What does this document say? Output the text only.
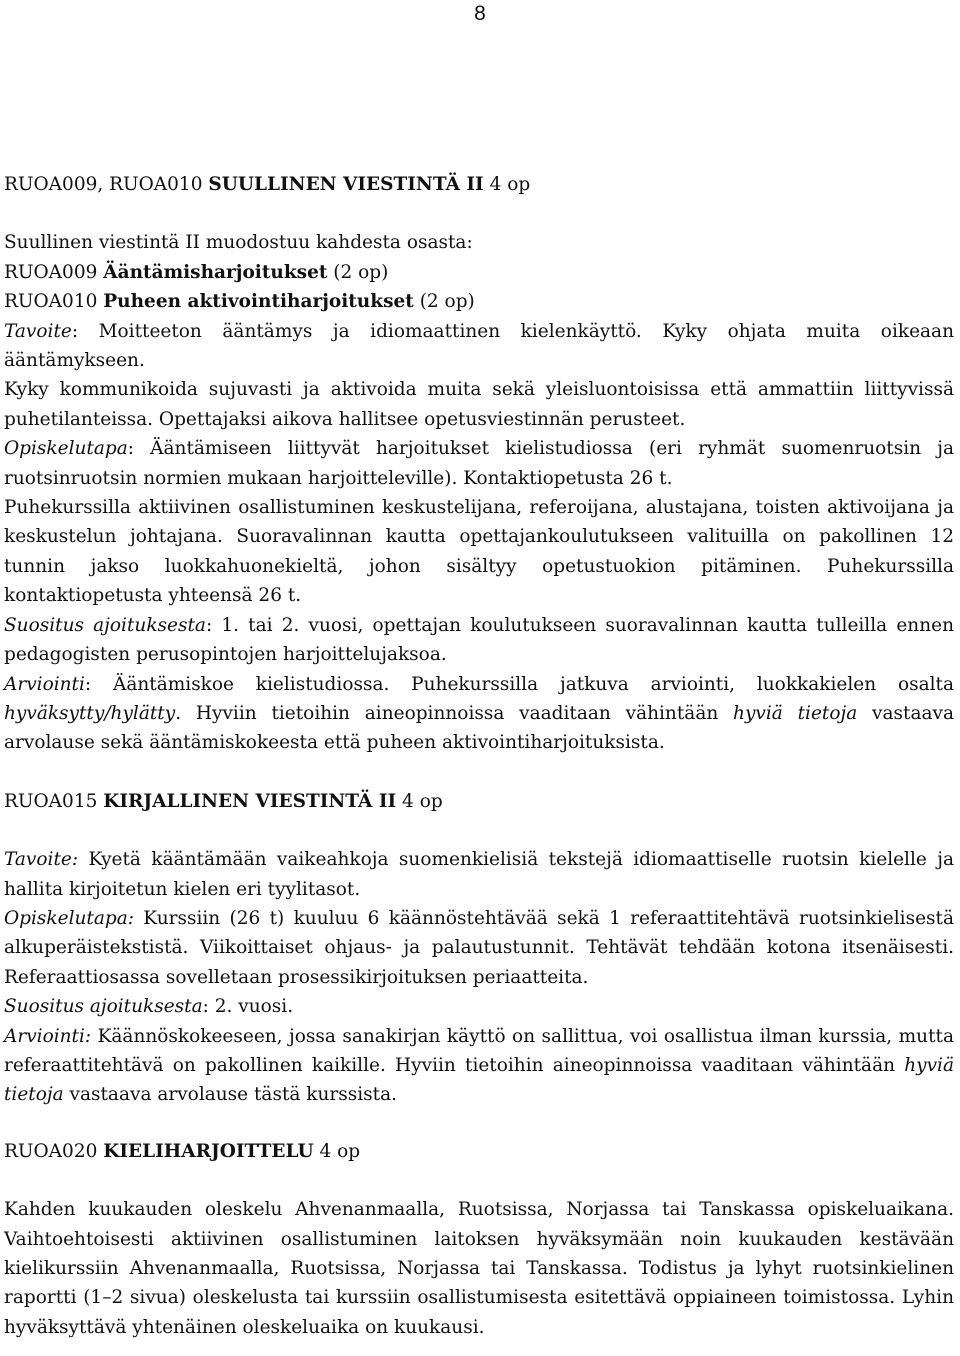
8

RUOA009, RUOA010 SUULLINEN VIESTINTÄ II 4 op

Suullinen viestintä II muodostuu kahdesta osasta:

RUOA009 Ääntämisharjoitukset (2 op)

RUOA010 Puheen aktivointiharjoitukset (2 op)

Tavoite: Moitteeton ääntämys ja idiomaattinen kielenkäyttö. Kyky ohjata muita oikeaan ääntämykseen.

Kyky kommunikoida sujuvasti ja aktivoida muita sekä yleisluontoisissa että ammattiin liittyvissä puhetilanteissa. Opettajaksi aikova hallitsee opetusviestinnän perusteet.

Opiskelutapa: Ääntämiseen liittyvät harjoitukset kielistudiossa (eri ryhmät suomenruotsin ja ruotsinruotsin normien mukaan harjoitteleville). Kontaktiopetusta 26 t.

Puhekurssilla aktiivinen osallistuminen keskustelijana, referoijana, alustajana, toisten aktivoijana ja keskustelun johtajana. Suoravalinnan kautta opettajankoulutukseen valituilla on pakollinen 12 tunnin jakso luokkahuonekieltä, johon sisältyy opetustuokion pitäminen. Puhekurssilla kontaktiopetusta yhteensä 26 t.

Suositus ajoituksesta: 1. tai 2. vuosi, opettajan koulutukseen suoravalinnan kautta tulleilla ennen pedagogisten perusopintojen harjoittelujaksoa.

Arviointi: Ääntämiskoe kielistudiossa. Puhekurssilla jatkuva arviointi, luokkakielen osalta hyväksytty/hylätty. Hyviin tietoihin aineopinnoissa vaaditaan vähintään hyviä tietoja vastaava arvolause sekä ääntämiskokeesta että puheen aktivointiharjoituksista.

RUOA015 KIRJALLINEN VIESTINTÄ II 4 op

Tavoite: Kyetä kääntämään vaikeahkoja suomenkielisiä tekstejä idiomaattiselle ruotsin kielelle ja hallita kirjoitetun kielen eri tyylitasot.

Opiskelutapa: Kurssiin (26 t) kuuluu 6 käännöstehtävää sekä 1 referaattitehtävä ruotsinkielisestä alkuperäistekstistä. Viikoittaiset ohjaus- ja palautustunnit. Tehtävät tehdään kotona itsenäisesti. Referaattiosassa sovelletaan prosessikirjoituksen periaatteita.

Suositus ajoituksesta: 2. vuosi.

Arviointi: Käännöskokeeseen, jossa sanakirjan käyttö on sallittua, voi osallistua ilman kurssia, mutta referaattitehtävä on pakollinen kaikille. Hyviin tietoihin aineopinnoissa vaaditaan vähintään hyviä tietoja vastaava arvolause tästä kurssista.

RUOA020 KIELIHARJOITTELU 4 op

Kahden kuukauden oleskelu Ahvenanmaalla, Ruotsissa, Norjassa tai Tanskassa opiskeluaikana. Vaihtoehtoisesti aktiivinen osallistuminen laitoksen hyväksymään noin kuukauden kestävään kielikurssiin Ahvenanmaalla, Ruotsissa, Norjassa tai Tanskassa. Todistus ja lyhyt ruotsinkielinen raportti (1–2 sivua) oleskelusta tai kurssiin osallistumisesta esitettävä oppiaineen toimistossa. Lyhin hyväksyttävä yhtenäinen oleskeluaika on kuukausi.
